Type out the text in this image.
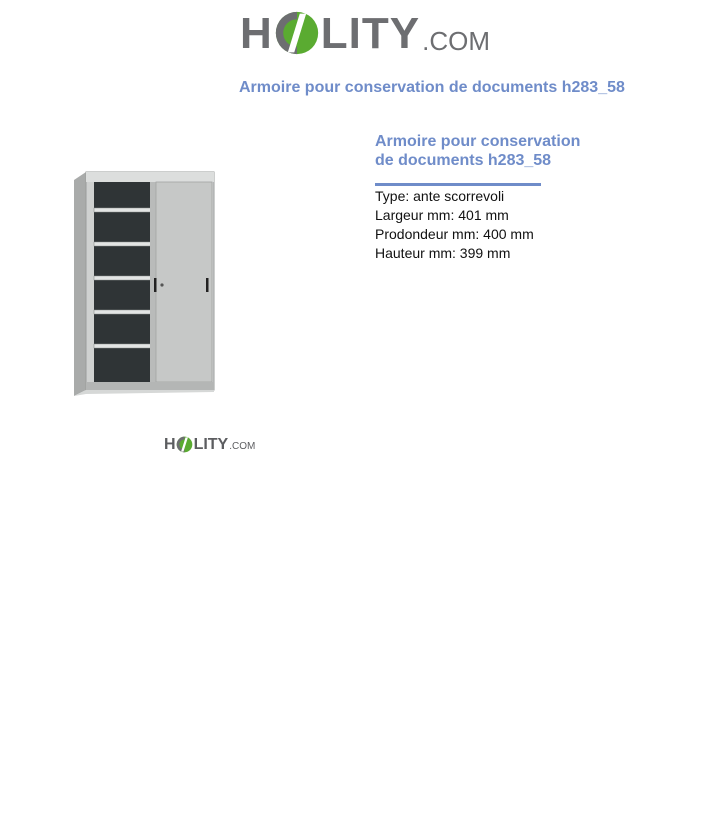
H LITY .COM
Armoire pour conservation de documents h283_58
H LITY .COM
Armoire pour conservation de documents h283_58
Type: ante scorrevoli
Largeur mm: 401 mm
Prodondeur mm: 400 mm
Hauteur mm: 399 mm
